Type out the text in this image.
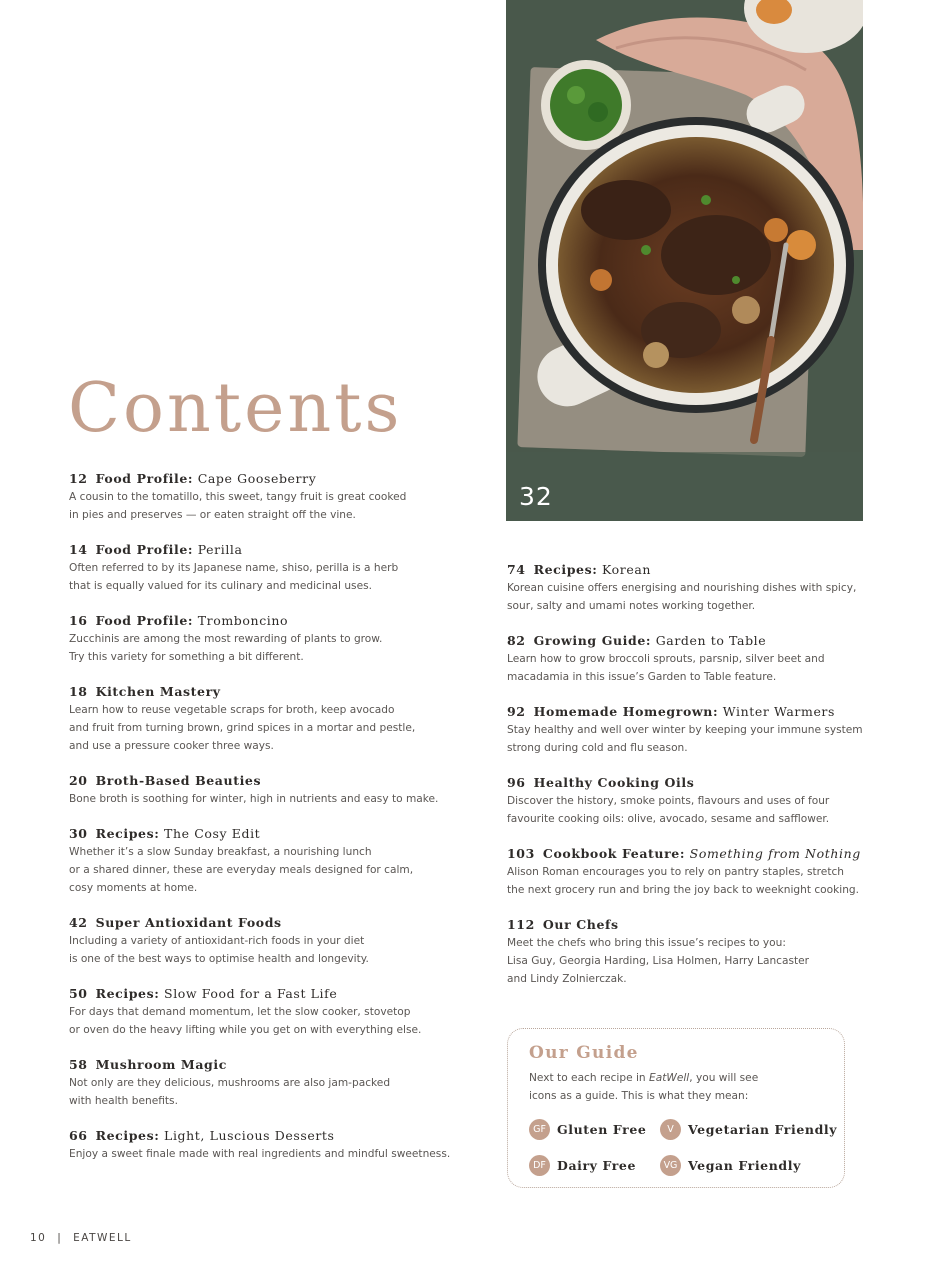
32
Contents
12 Food Profile: Cape Gooseberry
A cousin to the tomatillo, this sweet, tangy fruit is great cooked
in pies and preserves — or eaten straight off the vine.
14 Food Profile: Perilla
Often referred to by its Japanese name, shiso, perilla is a herb
that is equally valued for its culinary and medicinal uses.
16 Food Profile: Tromboncino
Zucchinis are among the most rewarding of plants to grow.
Try this variety for something a bit different.
18 Kitchen Mastery
Learn how to reuse vegetable scraps for broth, keep avocado
and fruit from turning brown, grind spices in a mortar and pestle,
and use a pressure cooker three ways.
20 Broth-Based Beauties
Bone broth is soothing for winter, high in nutrients and easy to make.
30 Recipes: The Cosy Edit
Whether it’s a slow Sunday breakfast, a nourishing lunch
or a shared dinner, these are everyday meals designed for calm,
cosy moments at home.
42 Super Antioxidant Foods
Including a variety of antioxidant-rich foods in your diet
is one of the best ways to optimise health and longevity.
50 Recipes: Slow Food for a Fast Life
For days that demand momentum, let the slow cooker, stovetop
or oven do the heavy lifting while you get on with everything else.
58 Mushroom Magic
Not only are they delicious, mushrooms are also jam-packed
with health benefits.
66 Recipes: Light, Luscious Desserts
Enjoy a sweet finale made with real ingredients and mindful sweetness.
74 Recipes: Korean
Korean cuisine offers energising and nourishing dishes with spicy,
sour, salty and umami notes working together.
82 Growing Guide: Garden to Table
Learn how to grow broccoli sprouts, parsnip, silver beet and
macadamia in this issue’s Garden to Table feature.
92 Homemade Homegrown: Winter Warmers
Stay healthy and well over winter by keeping your immune system
strong during cold and flu season.
96 Healthy Cooking Oils
Discover the history, smoke points, flavours and uses of four
favourite cooking oils: olive, avocado, sesame and safflower.
103 Cookbook Feature: Something from Nothing
Alison Roman encourages you to rely on pantry staples, stretch
the next grocery run and bring the joy back to weeknight cooking.
112 Our Chefs
Meet the chefs who bring this issue’s recipes to you:
Lisa Guy, Georgia Harding, Lisa Holmen, Harry Lancaster
and Lindy Zolnierczak.
Our Guide
Next to each recipe in EatWell, you will see
icons as a guide. This is what they mean:
GF Gluten Free	V	Vegetarian Friendly
DF Dairy Free	VG Vegan Friendly
10 | EATWELL
